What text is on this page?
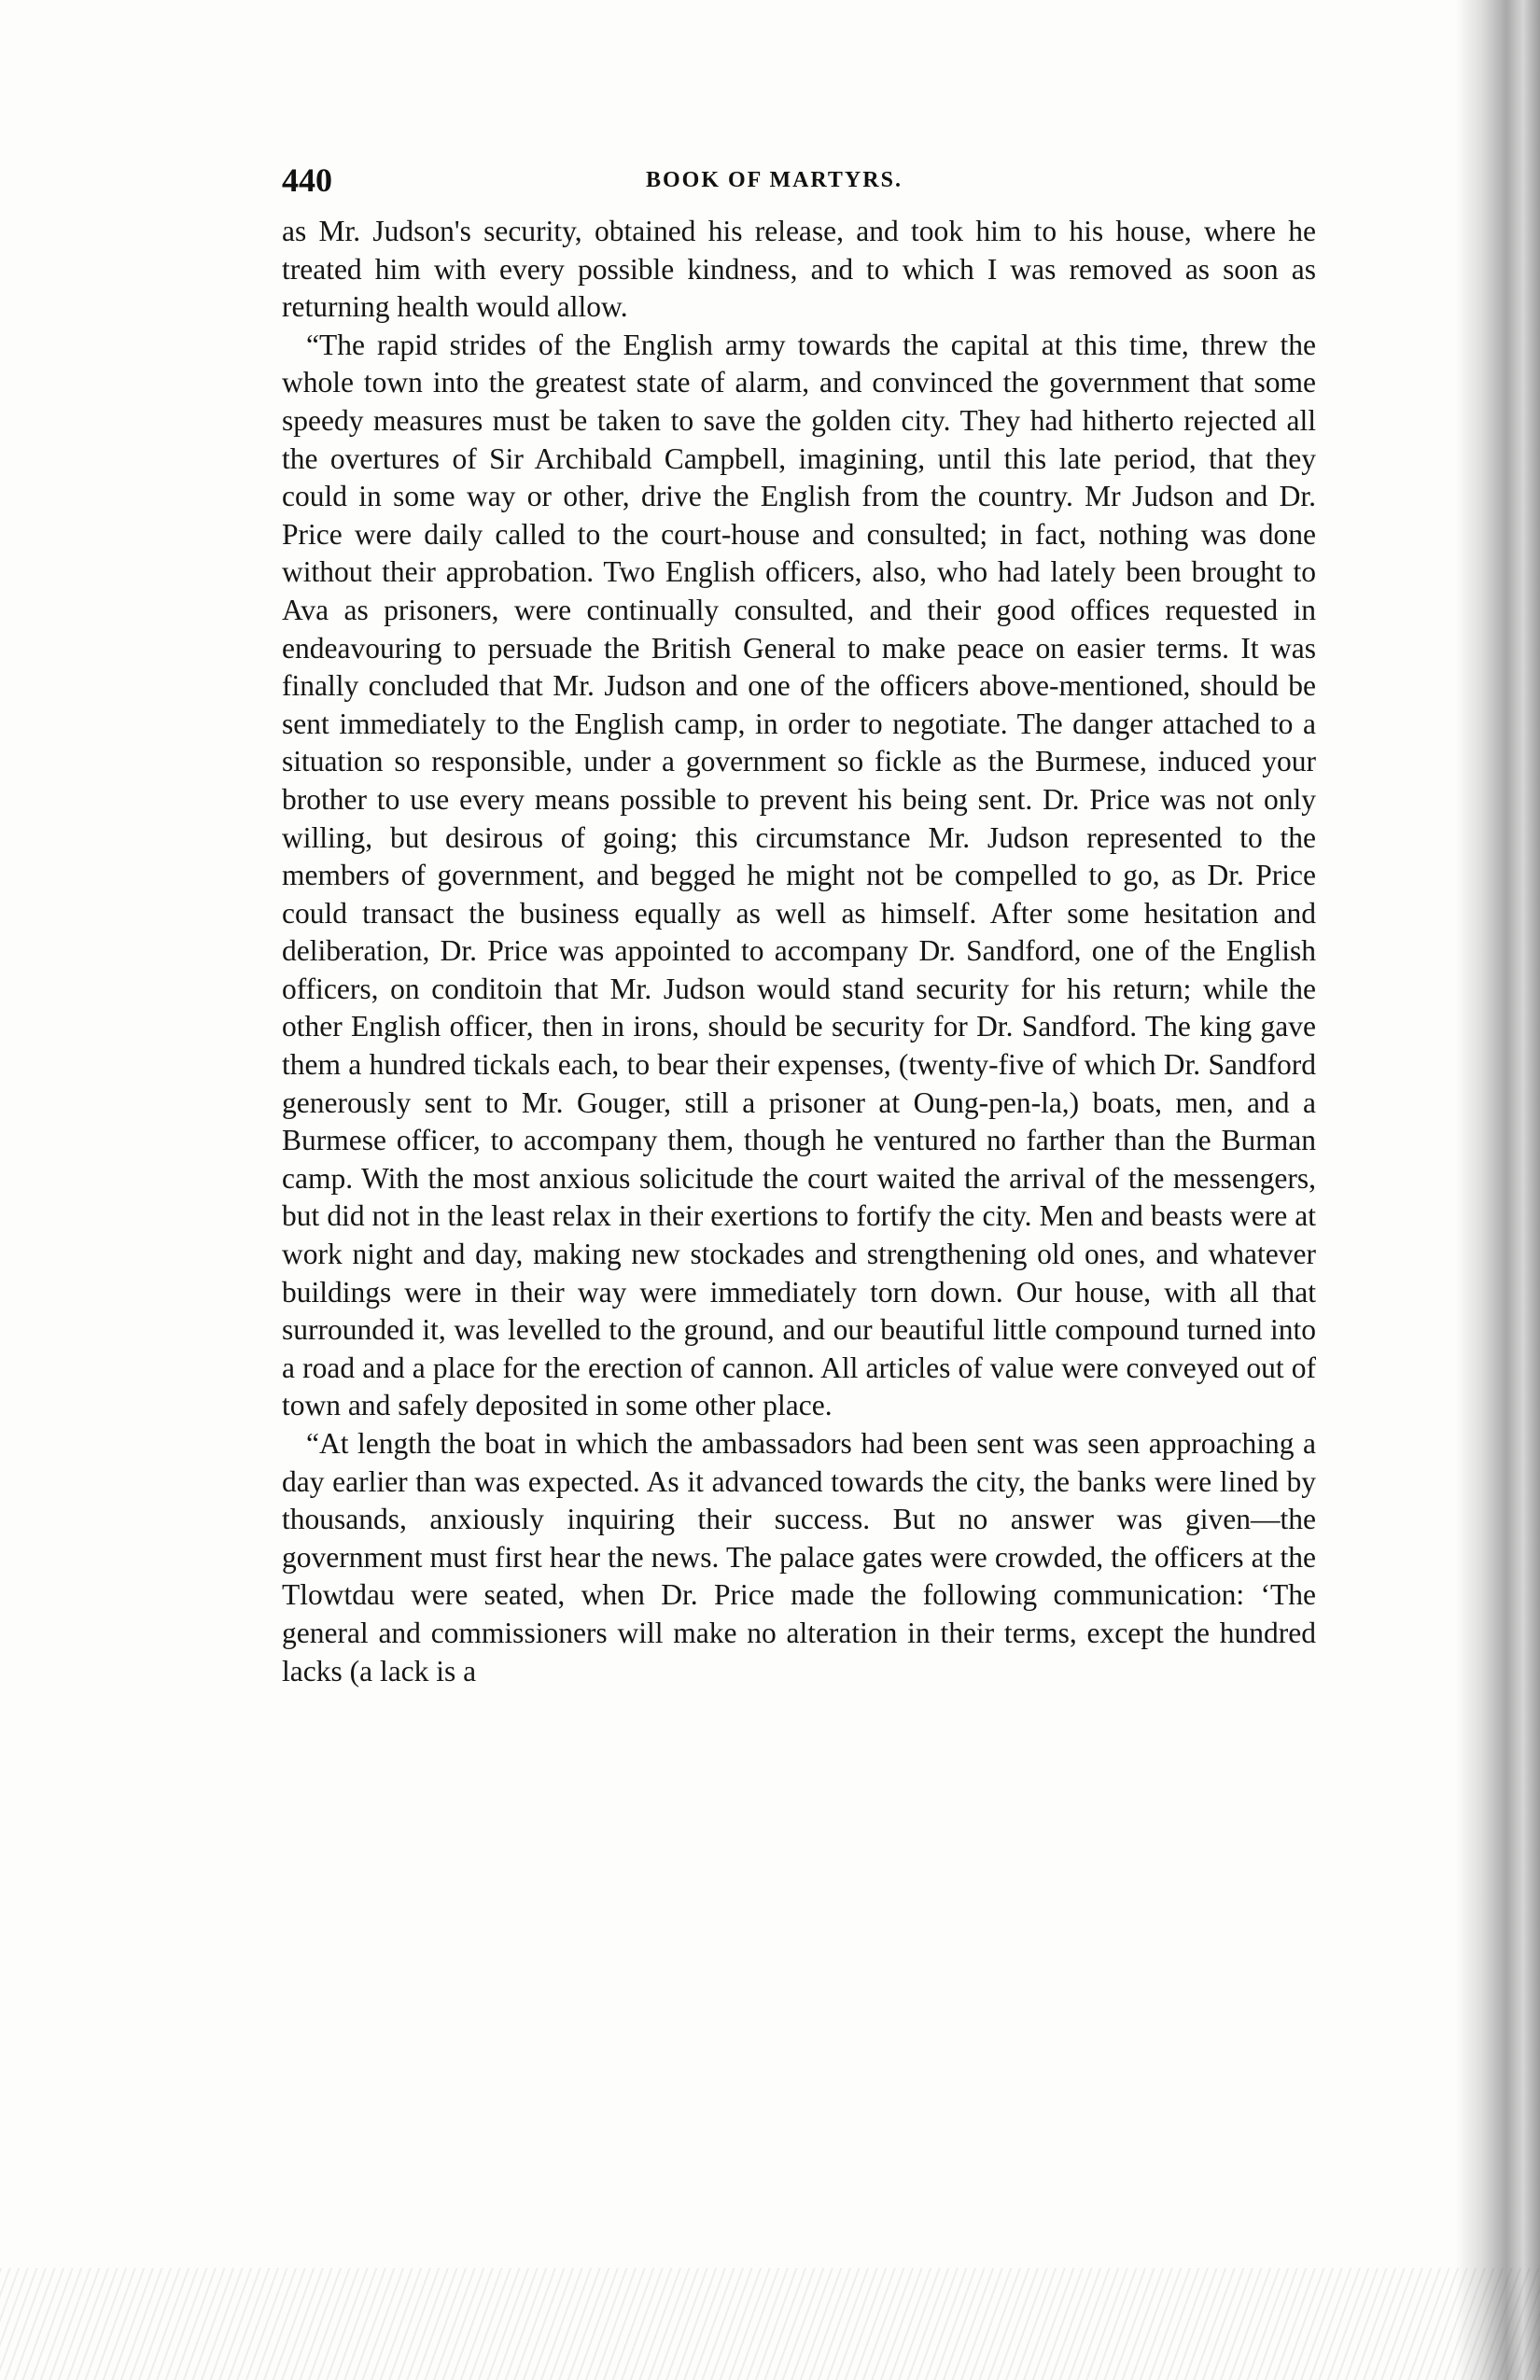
440	BOOK OF MARTYRS.

as Mr. Judson's security, obtained his release, and took him to his house, where he treated him with every possible kindness, and to which I was removed as soon as returning health would allow.

“The rapid strides of the English army towards the capital at this time, threw the whole town into the greatest state of alarm, and convinced the government that some speedy measures must be taken to save the golden city. They had hitherto rejected all the overtures of Sir Archibald Campbell, imagining, until this late period, that they could in some way or other, drive the English from the country. Mr Judson and Dr. Price were daily called to the court-house and consulted; in fact, nothing was done without their approbation. Two English officers, also, who had lately been brought to Ava as prisoners, were continually consulted, and their good offices requested in endeavouring to persuade the British General to make peace on easier terms. It was finally concluded that Mr. Judson and one of the officers above-mentioned, should be sent immediately to the English camp, in order to negotiate. The danger attached to a situation so responsible, under a government so fickle as the Burmese, induced your brother to use every means possible to prevent his being sent. Dr. Price was not only willing, but desirous of going; this circumstance Mr. Judson represented to the members of government, and begged he might not be compelled to go, as Dr. Price could transact the business equally as well as himself. After some hesitation and deliberation, Dr. Price was appointed to accompany Dr. Sandford, one of the English officers, on conditoin that Mr. Judson would stand security for his return; while the other English officer, then in irons, should be security for Dr. Sandford. The king gave them a hundred tickals each, to bear their expenses, (twenty-five of which Dr. Sandford generously sent to Mr. Gouger, still a prisoner at Oung-pen-la,) boats, men, and a Burmese officer, to accompany them, though he ventured no farther than the Burman camp. With the most anxious solicitude the court waited the arrival of the messengers, but did not in the least relax in their exertions to fortify the city. Men and beasts were at work night and day, making new stockades and strengthening old ones, and whatever buildings were in their way were immediately torn down. Our house, with all that surrounded it, was levelled to the ground, and our beautiful little compound turned into a road and a place for the erection of cannon. All articles of value were conveyed out of town and safely deposited in some other place.

“At length the boat in which the ambassadors had been sent was seen approaching a day earlier than was expected. As it advanced towards the city, the banks were lined by thousands, anxiously inquiring their success. But no answer was given—the government must first hear the news. The palace gates were crowded, the officers at the Tlowtdau were seated, when Dr. Price made the following communication: ‘The general and commissioners will make no alteration in their terms, except the hundred lacks (a lack is a
